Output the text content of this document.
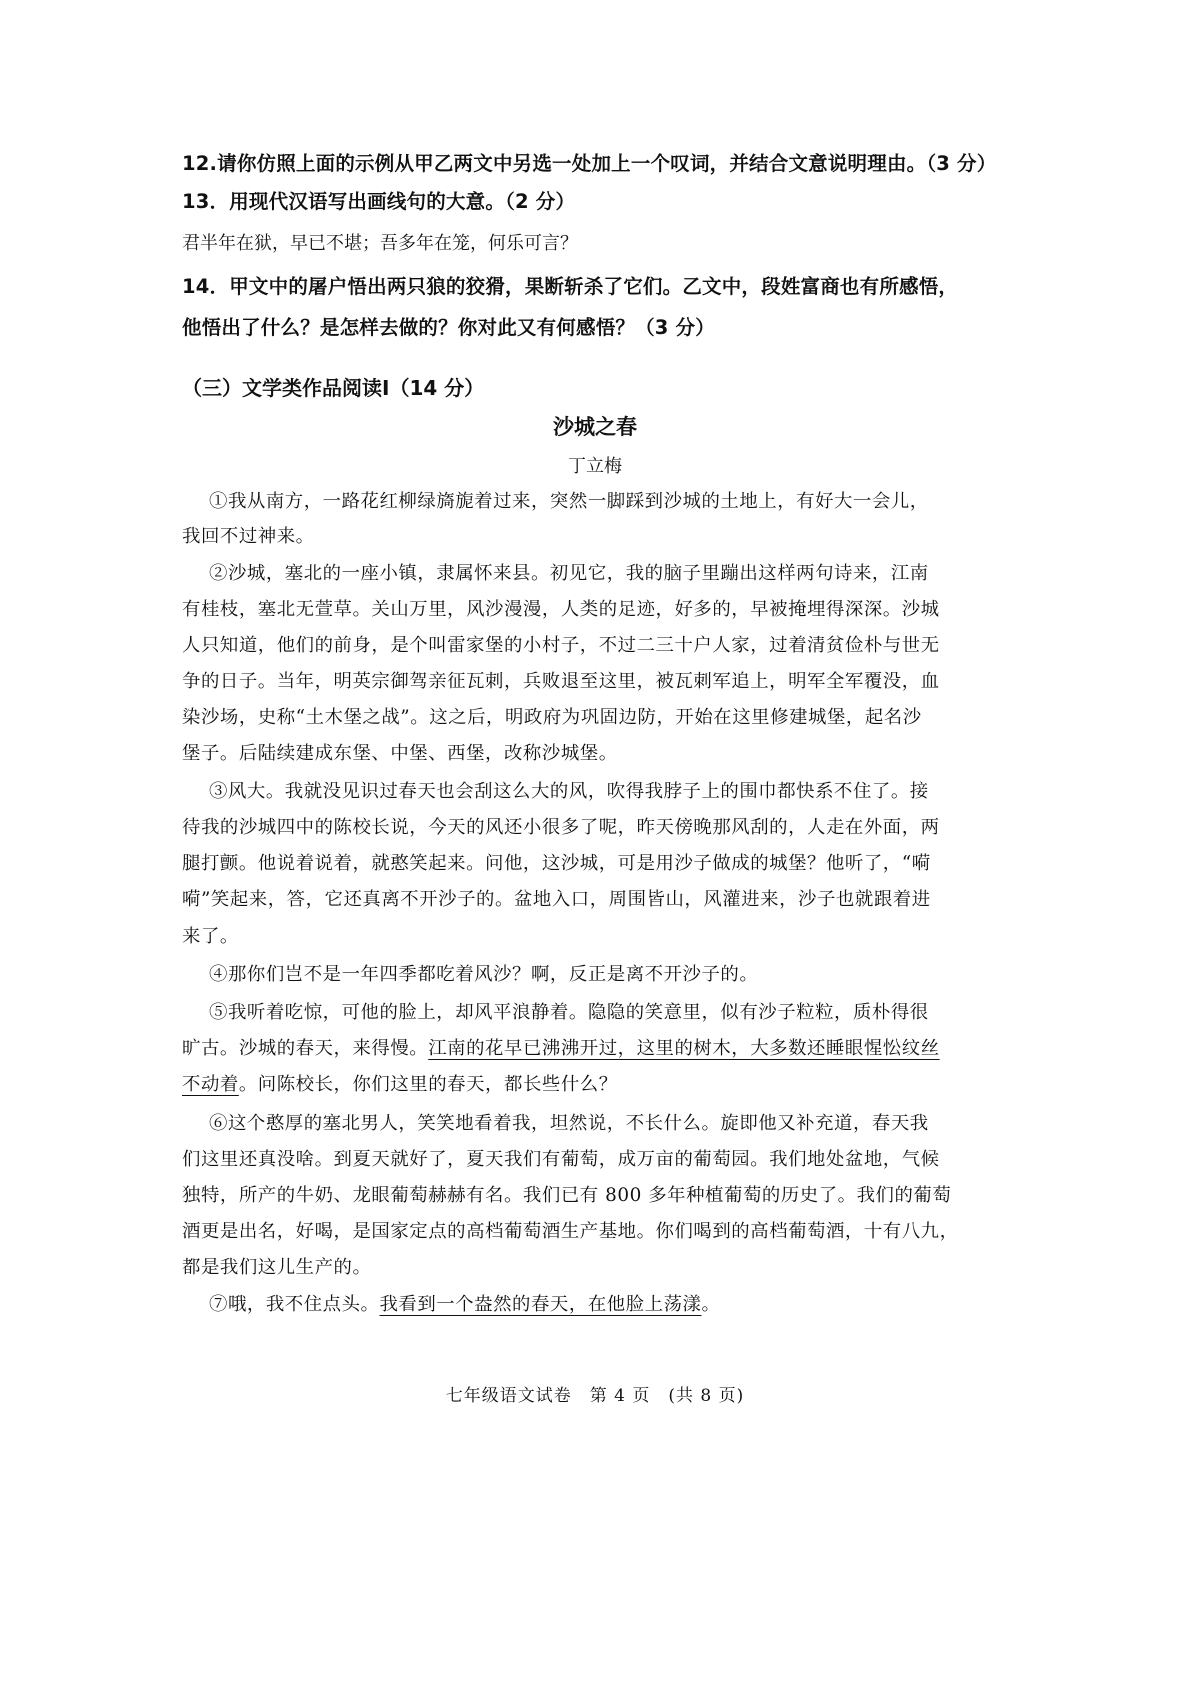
12.请你仿照上面的示例从甲乙两文中另选一处加上一个叹词，并结合文意说明理由。（3 分）
13．用现代汉语写出画线句的大意。（2 分）
君半年在狱，早已不堪；吾多年在笼，何乐可言？
14．甲文中的屠户悟出两只狼的狡猾，果断斩杀了它们。乙文中，段姓富商也有所感悟，
他悟出了什么？是怎样去做的？你对此又有何感悟？（3 分）
（三）文学类作品阅读Ⅰ（14 分）
沙城之春
丁立梅
①我从南方，一路花红柳绿旖旎着过来，突然一脚踩到沙城的土地上，有好大一会儿，
我回不过神来。
②沙城，塞北的一座小镇，隶属怀来县。初见它，我的脑子里蹦出这样两句诗来，江南
有桂枝，塞北无萱草。关山万里，风沙漫漫，人类的足迹，好多的，早被掩埋得深深。沙城
人只知道，他们的前身，是个叫雷家堡的小村子，不过二三十户人家，过着清贫俭朴与世无
争的日子。当年，明英宗御驾亲征瓦刺，兵败退至这里，被瓦刺军追上，明军全军覆没，血
染沙场，史称“土木堡之战”。这之后，明政府为巩固边防，开始在这里修建城堡，起名沙
堡子。后陆续建成东堡、中堡、西堡，改称沙城堡。
③风大。我就没见识过春天也会刮这么大的风，吹得我脖子上的围巾都快系不住了。接
待我的沙城四中的陈校长说，今天的风还小很多了呢，昨天傍晚那风刮的，人走在外面，两
腿打颤。他说着说着，就憨笑起来。问他，这沙城，可是用沙子做成的城堡？他听了，“嗬
嗬”笑起来，答，它还真离不开沙子的。盆地入口，周围皆山，风灌进来，沙子也就跟着进
来了。
④那你们岂不是一年四季都吃着风沙？啊，反正是离不开沙子的。
⑤我听着吃惊，可他的脸上，却风平浪静着。隐隐的笑意里，似有沙子粒粒，质朴得很
旷古。沙城的春天，来得慢。江南的花早已沸沸开过，这里的树木，大多数还睡眼惺忪纹丝
不动着。问陈校长，你们这里的春天，都长些什么？
⑥这个憨厚的塞北男人，笑笑地看着我，坦然说，不长什么。旋即他又补充道，春天我
们这里还真没啥。到夏天就好了，夏天我们有葡萄，成万亩的葡萄园。我们地处盆地，气候
独特，所产的牛奶、龙眼葡萄赫赫有名。我们已有 800 多年种植葡萄的历史了。我们的葡萄
酒更是出名，好喝，是国家定点的高档葡萄酒生产基地。你们喝到的高档葡萄酒，十有八九，
都是我们这儿生产的。
⑦哦，我不住点头。我看到一个盎然的春天，在他脸上荡漾。
七年级语文试卷　第 4 页　(共 8 页)
